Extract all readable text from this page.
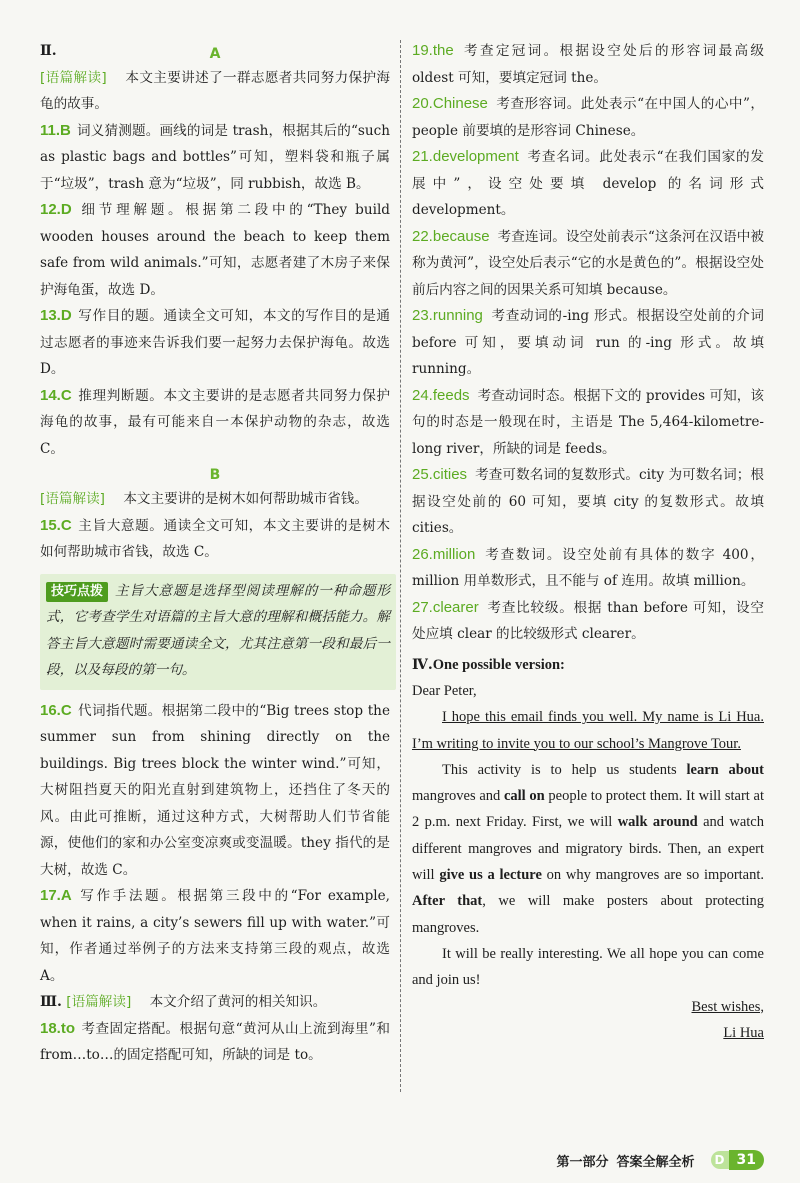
Ⅱ.	A

[语篇解读] 本文主要讲述了一群志愿者共同努力保护海龟的故事。

11.B 词义猜测题。画线的词是 trash，根据其后的“such as plastic bags and bottles”可知，塑料袋和瓶子属于“垃圾”，trash 意为“垃圾”，同 rubbish，故选 B。

12.D 细节理解题。根据第二段中的“They build wooden houses around the beach to keep them safe from wild animals.”可知，志愿者建了木房子来保护海龟蛋，故选 D。

13.D 写作目的题。通读全文可知，本文的写作目的是通过志愿者的事迹来告诉我们要一起努力去保护海龟。故选 D。

14.C 推理判断题。本文主要讲的是志愿者共同努力保护海龟的故事，最有可能来自一本保护动物的杂志，故选 C。

B

[语篇解读] 本文主要讲的是树木如何帮助城市省钱。

15.C 主旨大意题。通读全文可知，本文主要讲的是树木如何帮助城市省钱，故选 C。

技巧点拨 主旨大意题是选择型阅读理解的一种命题形式，它考查学生对语篇的主旨大意的理解和概括能力。解答主旨大意题时需要通读全文，尤其注意第一段和最后一段，以及每段的第一句。

16.C 代词指代题。根据第二段中的“Big trees stop the summer sun from shining directly on the buildings. Big trees block the winter wind.”可知，大树阻挡夏天的阳光直射到建筑物上，还挡住了冬天的风。由此可推断，通过这种方式，大树帮助人们节省能源，使他们的家和办公室变凉爽或变温暖。they 指代的是大树，故选 C。

17.A 写作手法题。根据第三段中的“For example, when it rains, a city’s sewers fill up with water.”可知，作者通过举例子的方法来支持第三段的观点，故选 A。

Ⅲ. [语篇解读] 本文介绍了黄河的相关知识。

18.to 考查固定搭配。根据句意“黄河从山上流到海里”和 from…to…的固定搭配可知，所缺的词是 to。

19.the 考查定冠词。根据设空处后的形容词最高级 oldest 可知，要填定冠词 the。

20.Chinese 考查形容词。此处表示“在中国人的心中”，people 前要填的是形容词 Chinese。

21.development 考查名词。此处表示“在我们国家的发展中”，设空处要填 develop 的名词形式 development。

22.because 考查连词。设空处前表示“这条河在汉语中被称为黄河”，设空处后表示“它的水是黄色的”。根据设空处前后内容之间的因果关系可知填 because。

23.running 考查动词的-ing 形式。根据设空处前的介词 before 可知，要填动词 run 的-ing 形式。故填 running。

24.feeds 考查动词时态。根据下文的 provides 可知，该句的时态是一般现在时，主语是 The 5,464-kilometre-long river，所缺的词是 feeds。

25.cities 考查可数名词的复数形式。city 为可数名词；根据设空处前的 60 可知，要填 city 的复数形式。故填 cities。

26.million 考查数词。设空处前有具体的数字 400，million 用单数形式，且不能与 of 连用。故填 million。

27.clearer 考查比较级。根据 than before 可知，设空处应填 clear 的比较级形式 clearer。

Ⅳ.One possible version:

Dear Peter,

I hope this email finds you well. My name is Li Hua. I’m writing to invite you to our school’s Mangrove Tour.

This activity is to help us students learn about mangroves and call on people to protect them. It will start at 2 p.m. next Friday. First, we will walk around and watch different mangroves and migratory birds. Then, an expert will give us a lecture on why mangroves are so important. After that, we will make posters about protecting mangroves.

It will be really interesting. We all hope you can come and join us!

Best wishes,

Li Hua

第一部分 答案全解全析	D 31
